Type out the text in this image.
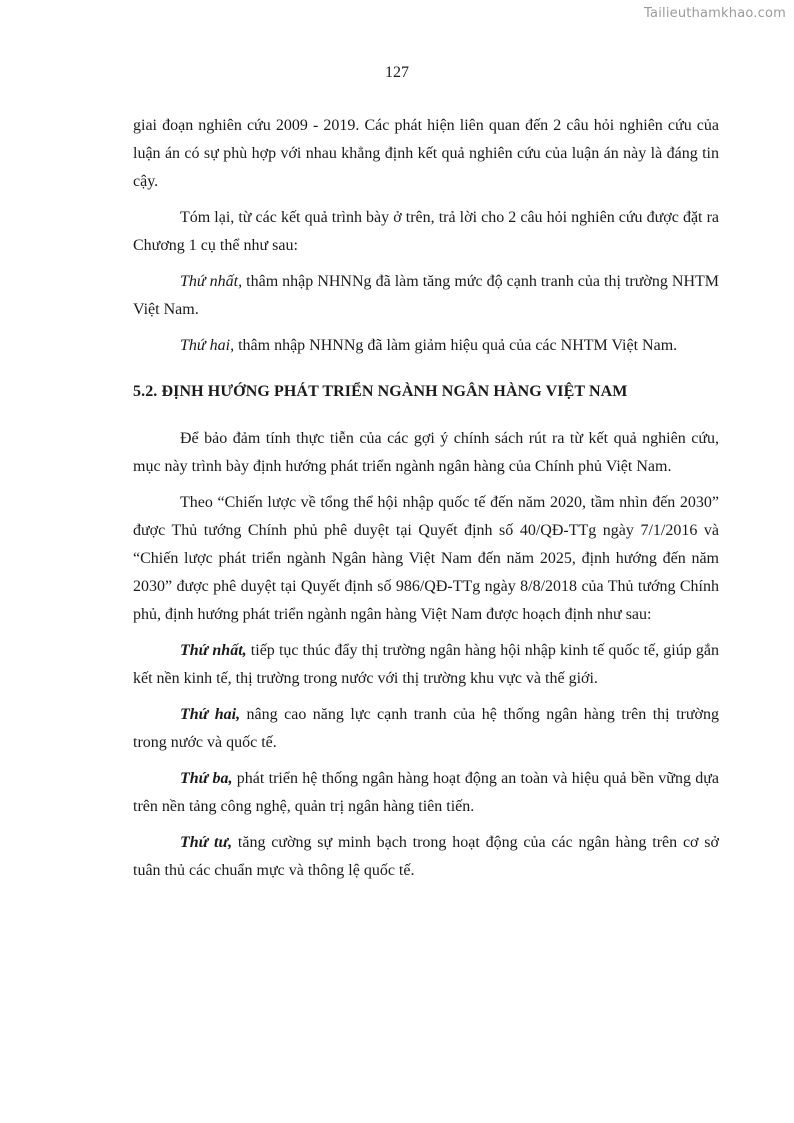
Tailieuthamkhao.com
127

giai đoạn nghiên cứu 2009 - 2019. Các phát hiện liên quan đến 2 câu hỏi nghiên cứu của luận án có sự phù hợp với nhau khẳng định kết quả nghiên cứu của luận án này là đáng tin cậy.

Tóm lại, từ các kết quả trình bày ở trên, trả lời cho 2 câu hỏi nghiên cứu được đặt ra Chương 1 cụ thể như sau:

Thứ nhất, thâm nhập NHNNg đã làm tăng mức độ cạnh tranh của thị trường NHTM Việt Nam.

Thứ hai, thâm nhập NHNNg đã làm giảm hiệu quả của các NHTM Việt Nam.

5.2. ĐỊNH HƯỚNG PHÁT TRIỂN NGÀNH NGÂN HÀNG VIỆT NAM

Để bảo đảm tính thực tiễn của các gợi ý chính sách rút ra từ kết quả nghiên cứu, mục này trình bày định hướng phát triển ngành ngân hàng của Chính phủ Việt Nam.

Theo “Chiến lược về tổng thể hội nhập quốc tế đến năm 2020, tầm nhìn đến 2030” được Thủ tướng Chính phủ phê duyệt tại Quyết định số 40/QĐ-TTg ngày 7/1/2016 và “Chiến lược phát triển ngành Ngân hàng Việt Nam đến năm 2025, định hướng đến năm 2030” được phê duyệt tại Quyết định số 986/QĐ-TTg ngày 8/8/2018 của Thủ tướng Chính phủ, định hướng phát triển ngành ngân hàng Việt Nam được hoạch định như sau:

Thứ nhất, tiếp tục thúc đẩy thị trường ngân hàng hội nhập kinh tế quốc tế, giúp gắn kết nền kinh tế, thị trường trong nước với thị trường khu vực và thế giới.

Thứ hai, nâng cao năng lực cạnh tranh của hệ thống ngân hàng trên thị trường trong nước và quốc tế.

Thứ ba, phát triển hệ thống ngân hàng hoạt động an toàn và hiệu quả bền vững dựa trên nền tảng công nghệ, quản trị ngân hàng tiên tiến.

Thứ tư, tăng cường sự minh bạch trong hoạt động của các ngân hàng trên cơ sở tuân thủ các chuẩn mực và thông lệ quốc tế.
